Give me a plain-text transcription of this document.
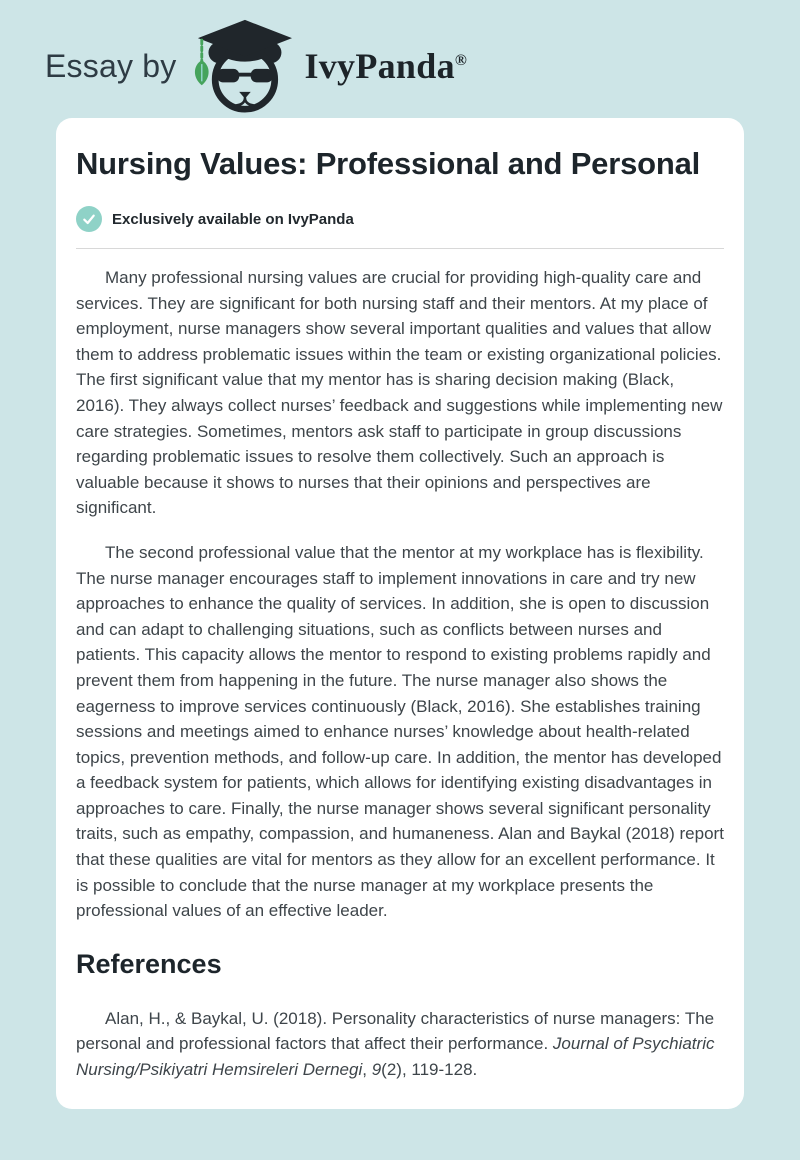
Essay by	IvyPanda®
Nursing Values: Professional and Personal
Exclusively available on IvyPanda

Many professional nursing values are crucial for providing high-quality care and services. They are significant for both nursing staff and their mentors. At my place of employment, nurse managers show several important qualities and values that allow them to address problematic issues within the team or existing organizational policies. The first significant value that my mentor has is sharing decision making (Black, 2016). They always collect nurses’ feedback and suggestions while implementing new care strategies. Sometimes, mentors ask staff to participate in group discussions regarding problematic issues to resolve them collectively. Such an approach is valuable because it shows to nurses that their opinions and perspectives are significant.

The second professional value that the mentor at my workplace has is flexibility. The nurse manager encourages staff to implement innovations in care and try new approaches to enhance the quality of services. In addition, she is open to discussion and can adapt to challenging situations, such as conflicts between nurses and patients. This capacity allows the mentor to respond to existing problems rapidly and prevent them from happening in the future. The nurse manager also shows the eagerness to improve services continuously (Black, 2016). She establishes training sessions and meetings aimed to enhance nurses’ knowledge about health-related topics, prevention methods, and follow-up care. In addition, the mentor has developed a feedback system for patients, which allows for identifying existing disadvantages in approaches to care. Finally, the nurse manager shows several significant personality traits, such as empathy, compassion, and humaneness. Alan and Baykal (2018) report that these qualities are vital for mentors as they allow for an excellent performance. It is possible to conclude that the nurse manager at my workplace presents the professional values of an effective leader.

References

Alan, H., & Baykal, U. (2018). Personality characteristics of nurse managers: The personal and professional factors that affect their performance. Journal of Psychiatric Nursing/Psikiyatri Hemsireleri Dernegi, 9(2), 119-128.
